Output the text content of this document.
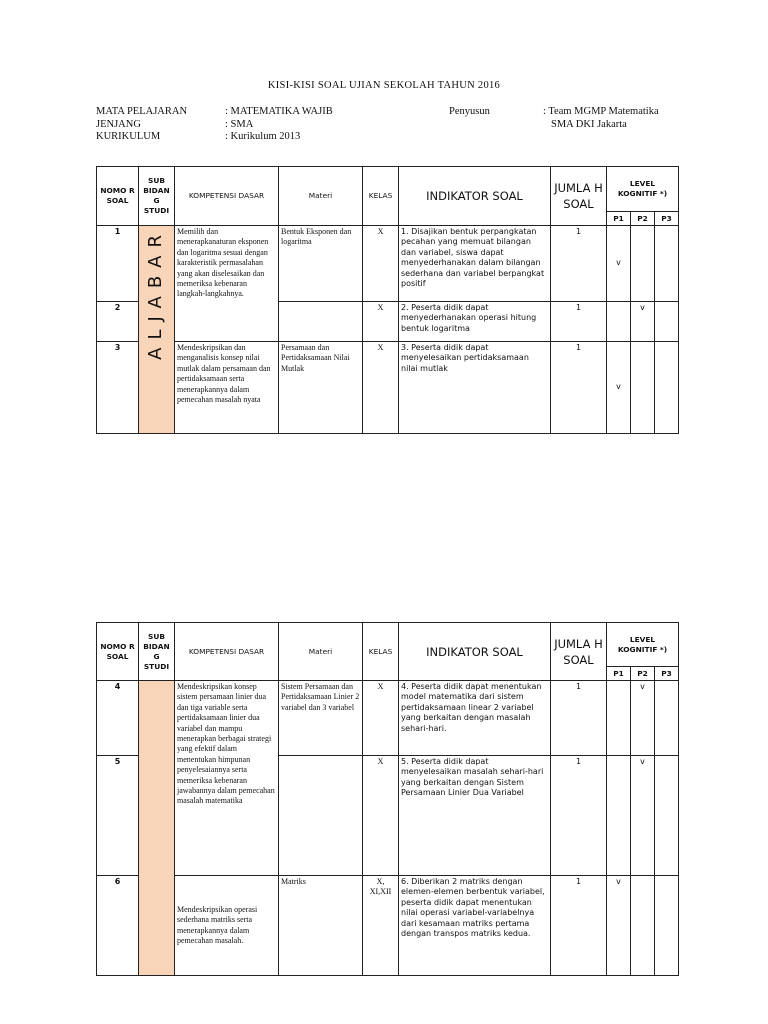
KISI-KISI SOAL UJIAN SEKOLAH TAHUN 2016
MATA PELAJARAN	: MATEMATIKA WAJIB
JENJANG	: SMA
KURIKULUM	: Kurikulum 2013
Penyusun	: Team MGMP Matematika
SMA DKI Jakarta
NOMO R SOAL	SUB BIDAN G STUDI	KOMPETENSI DASAR	Materi	KELAS	INDIKATOR SOAL	JUMLA H SOAL	LEVEL KOGNITIF *)		
							P1	P2	P3
1	ALJABAR	Memilih dan menerapkanaturan eksponen dan logaritma sesuai dengan karakteristik permasalahan yang akan diselesaikan dan memeriksa kebenaran langkah-langkahnya.	Bentuk Eksponen dan logaritma	X	1. Disajikan bentuk perpangkatan pecahan yang memuat bilangan dan variabel, siswa dapat menyederhanakan dalam bilangan sederhana dan variabel berpangkat positif	1	v		
2				X	2. Peserta didik dapat menyederhanakan operasi hitung bentuk logaritma	1		v	
3		Mendeskripsikan dan menganalisis konsep nilai mutlak dalam persamaan dan pertidaksamaan serta menerapkannya dalam pemecahan masalah nyata	Persamaan dan Pertidaksamaan Nilai Mutlak	X	3. Peserta didik dapat menyelesaikan pertidaksamaan nilai mutlak	1	v		
NOMO R SOAL	SUB BIDAN G STUDI	KOMPETENSI DASAR	Materi	KELAS	INDIKATOR SOAL	JUMLA H SOAL	LEVEL KOGNITIF *)		
							P1	P2	P3
4		Mendeskripsikan konsep sistem persamaan linier dua dan tiga variable serta pertidaksamaan linier dua variabel dan mampu menerapkan berbagai strategi yang efektif dalam menentukan himpunan penyelesaiannya serta memeriksa kebenaran jawabannya dalam pemecahan masalah matematika	Sistem Persamaan dan Pertidaksamaan Linier 2 variabel dan 3 variabel	X	4. Peserta didik dapat menentukan model matematika dari sistem pertidaksamaan linear 2 variabel yang berkaitan dengan masalah sehari-hari.	1		v	
5				X	5. Peserta didik dapat menyelesaikan masalah sehari-hari yang berkaitan dengan Sistem Persamaan Linier Dua Variabel	1		v	
6		Mendeskripsikan operasi sederhana matriks serta menerapkannya dalam pemecahan masalah.	Matriks	X, XI,XII	6. Diberikan 2 matriks dengan elemen-elemen berbentuk variabel, peserta didik dapat menentukan nilai operasi variabel-variabelnya dari kesamaan matriks pertama dengan transpos matriks kedua.	1	v		
